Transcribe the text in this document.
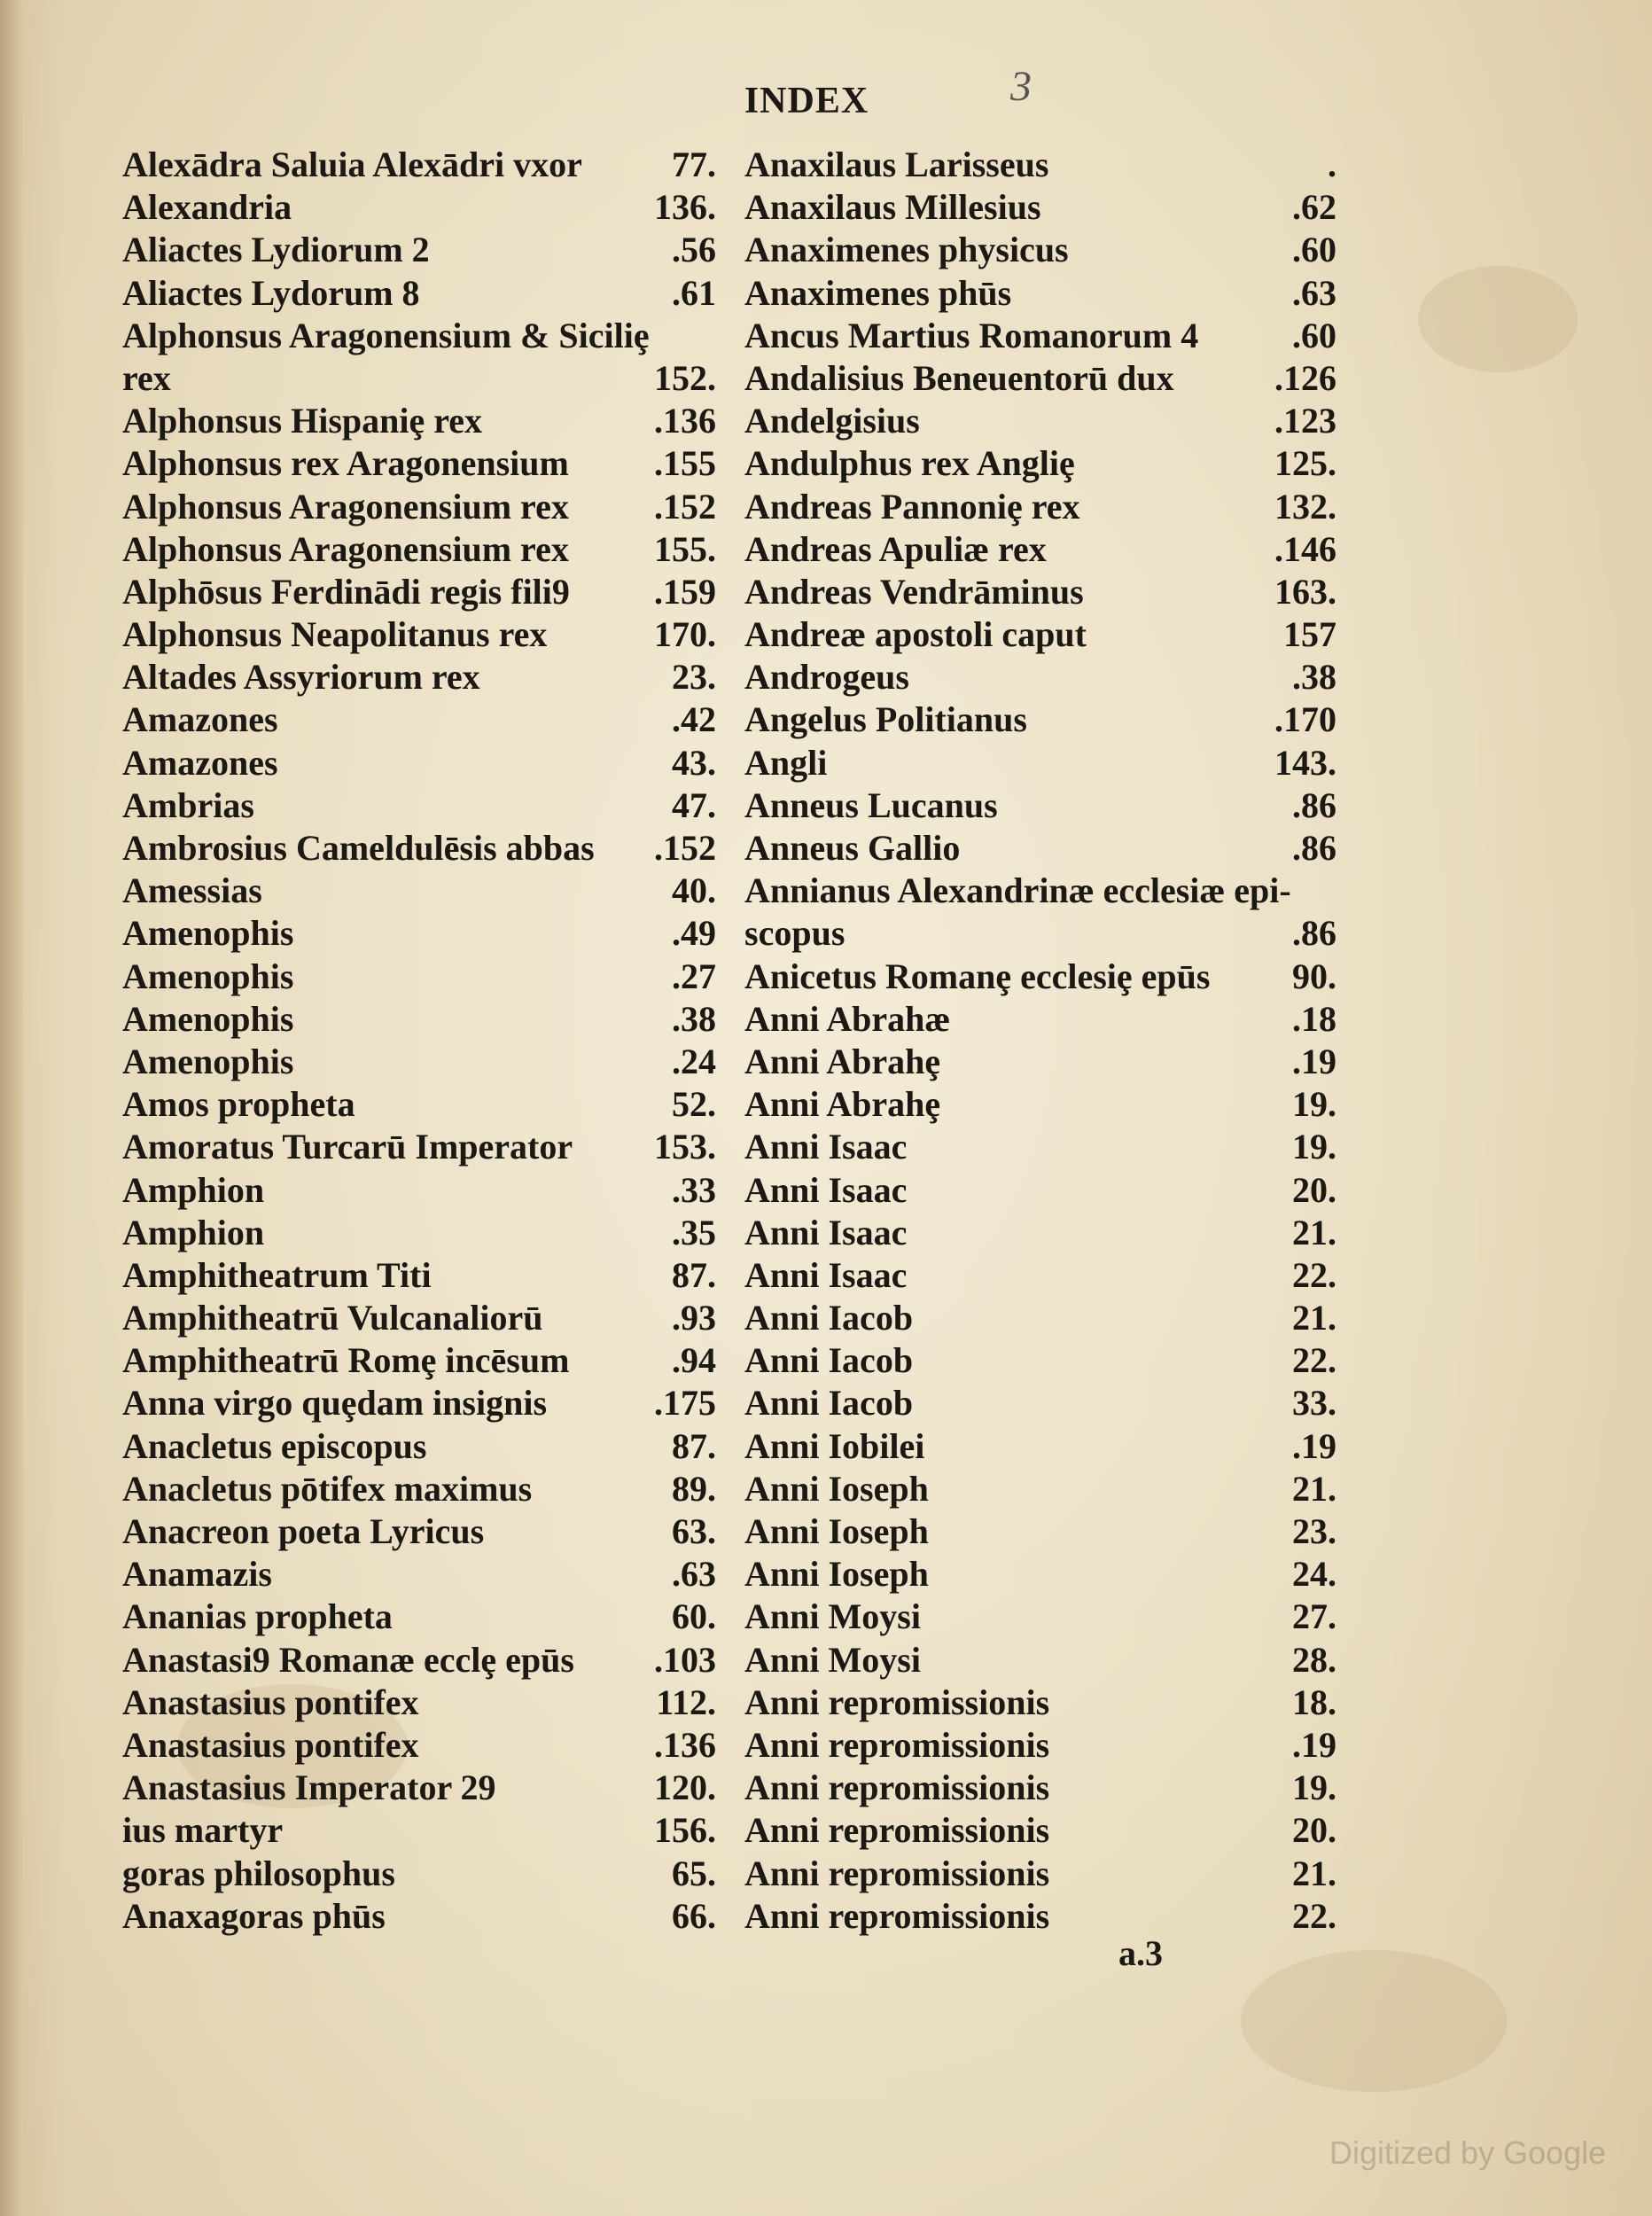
INDEX	3
Alexādra Saluia Alexādri vxor	77.
Alexandria	136.
Aliactes Lydiorum 2	.56
Aliactes Lydorum 8	.61
Alphonsus Aragonensium & Siciliȩ
rex	152.
Alphonsus Hispaniȩ rex	.136
Alphonsus rex Aragonensium .155
Alphonsus Aragonensium rex .152
Alphonsus Aragonensium rex 155.
Alphōsus Ferdinādi regis fili9 .159
Alphonsus Neapolitanus rex	170.
Altades Assyriorum rex	23.
Amazones	.42
Amazones	43.
Ambrias	47.
Ambrosius Cameldulēsis abbas .152
Amessias	40.
Amenophis	.49
Amenophis	.27
Amenophis	.38
Amenophis	.24
Amos propheta	52.
Amoratus Turcarū Imperator 153.
Amphion	.33
Amphion	.35
Amphitheatrum Titi	87.
Amphitheatrū Vulcanaliorū	.93
Amphitheatrū Romȩ incēsum	.94
Anna virgo quȩdam insignis	.175
Anacletus episcopus	87.
Anacletus pōtifex maximus	89.
Anacreon poeta Lyricus	63.
Anamazis	.63
Ananias propheta	60.
Anastasi9 Romanæ ecclȩ epūs .103
Anastasius pontifex	112.
Anastasius pontifex	.136
Anastasius Imperator 29	120.
ius martyr	156.
goras philosophus	65.
Anaxagoras phūs	66.
Anaxilaus Larisseus	.
Anaxilaus Millesius	.62
Anaximenes physicus	.60
Anaximenes phūs	.63
Ancus Martius Romanorum 4	.60
Andalisius Beneuentorū dux	.126
Andelgisius	.123
Andulphus rex Angliȩ	125.
Andreas Pannoniȩ rex	132.
Andreas Apuliæ rex	.146
Andreas Vendrāminus	163.
Andreæ apostoli caput	157
Androgeus	.38
Angelus Politianus	.170
Angli	143.
Anneus Lucanus	.86
Anneus Gallio	.86
Annianus Alexandrinæ ecclesiæ epi-
scopus	.86
Anicetus Romanȩ ecclesiȩ epūs 90.
Anni Abrahæ	.18
Anni Abrahȩ	.19
Anni Abrahȩ	19.
Anni Isaac	19.
Anni Isaac	20.
Anni Isaac	21.
Anni Isaac	22.
Anni Iacob	21.
Anni Iacob	22.
Anni Iacob	33.
Anni Iobilei	.19
Anni Ioseph	21.
Anni Ioseph	23.
Anni Ioseph	24.
Anni Moysi	27.
Anni Moysi	28.
Anni repromissionis	18.
Anni repromissionis	.19
Anni repromissionis	19.
Anni repromissionis	20.
Anni repromissionis	21.
Anni repromissionis	22.
a.3
Digitized by Google
